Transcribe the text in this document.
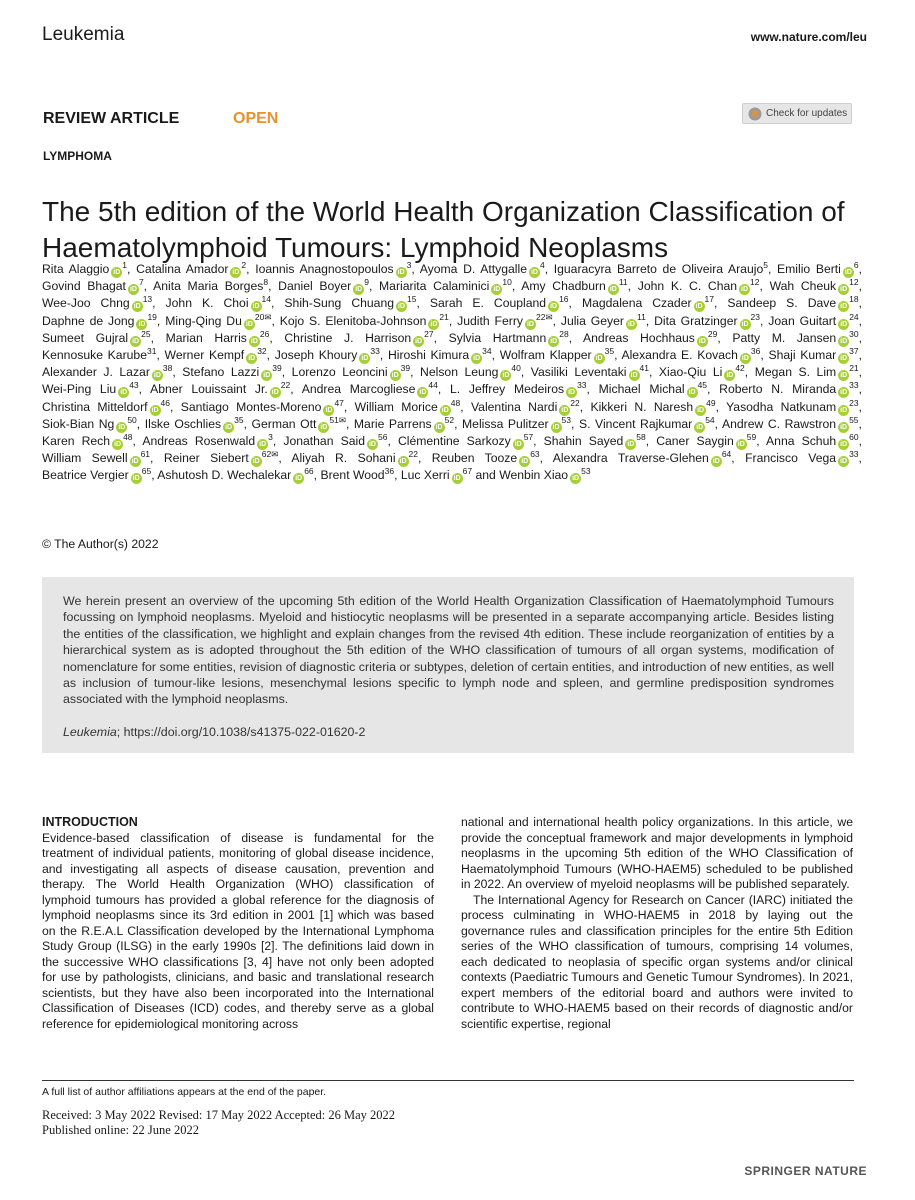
Leukemia	www.nature.com/leu
REVIEW ARTICLE	OPEN	Check for updates
LYMPHOMA
The 5th edition of the World Health Organization Classification of Haematolymphoid Tumours: Lymphoid Neoplasms
Rita Alaggio iD$^1$, Catalina Amador iD$^2$, Ioannis Anagnostopoulos iD$^3$, Ayoma D. Attygalle iD$^4$, Iguaracyra Barreto de Oliveira Araujo$^5$, Emilio Berti iD$^6$, Govind Bhagat iD$^7$, Anita Maria Borges$^8$, Daniel Boyer iD$^9$, Mariarita Calaminici iD$^{10}$, Amy Chadburn iD$^{11}$, John K. C. Chan iD$^{12}$, Wah Cheuk iD$^{12}$, Wee-Joo Chng iD$^{13}$, John K. Choi iD$^{14}$, Shih-Sung Chuang iD$^{15}$, Sarah E. Coupland iD$^{16}$, Magdalena Czader iD$^{17}$, Sandeep S. Dave iD$^{18}$, Daphne de Jong iD$^{19}$, Ming-Qing Du iD$^{20✉}$, Kojo S. Elenitoba-Johnson iD$^{21}$, Judith Ferry iD$^{22✉}$, Julia Geyer iD$^{11}$, Dita Gratzinger iD$^{23}$, Joan Guitart iD$^{24}$, Sumeet Gujral iD$^{25}$, Marian Harris iD$^{26}$, Christine J. Harrison iD$^{27}$, Sylvia Hartmann iD$^{28}$, Andreas Hochhaus iD$^{29}$, Patty M. Jansen iD$^{30}$, Kennosuke Karube$^{31}$, Werner Kempf iD$^{32}$, Joseph Khoury iD$^{33}$, Hiroshi Kimura iD$^{34}$, Wolfram Klapper iD$^{35}$, Alexandra E. Kovach iD$^{36}$, Shaji Kumar iD$^{37}$, Alexander J. Lazar iD$^{38}$, Stefano Lazzi iD$^{39}$, Lorenzo Leoncini iD$^{39}$, Nelson Leung iD$^{40}$, Vasiliki Leventaki iD$^{41}$, Xiao-Qiu Li iD$^{42}$, Megan S. Lim iD$^{21}$, Wei-Ping Liu iD$^{43}$, Abner Louissaint Jr. iD$^{22}$, Andrea Marcogliese iD$^{44}$, L. Jeffrey Medeiros iD$^{33}$, Michael Michal iD$^{45}$, Roberto N. Miranda iD$^{33}$, Christina Mitteldorf iD$^{46}$, Santiago Montes-Moreno iD$^{47}$, William Morice iD$^{48}$, Valentina Nardi iD$^{22}$, Kikkeri N. Naresh iD$^{49}$, Yasodha Natkunam iD$^{23}$, Siok-Bian Ng iD$^{50}$, Ilske Oschlies iD$^{35}$, German Ott iD$^{51✉}$, Marie Parrens iD$^{52}$, Melissa Pulitzer iD$^{53}$, S. Vincent Rajkumar iD$^{54}$, Andrew C. Rawstron iD$^{55}$, Karen Rech iD$^{48}$, Andreas Rosenwald iD$^3$, Jonathan Said iD$^{56}$, Clémentine Sarkozy iD$^{57}$, Shahin Sayed iD$^{58}$, Caner Saygin iD$^{59}$, Anna Schuh iD$^{60}$, William Sewell iD$^{61}$, Reiner Siebert iD$^{62✉}$, Aliyah R. Sohani iD$^{22}$, Reuben Tooze iD$^{63}$, Alexandra Traverse-Glehen iD$^{64}$, Francisco Vega iD$^{33}$, Beatrice Vergier iD$^{65}$, Ashutosh D. Wechalekar iD$^{66}$, Brent Wood$^{36}$, Luc Xerri iD$^{67}$ and Wenbin Xiao iD$^{53}$
© The Author(s) 2022

We herein present an overview of the upcoming 5th edition of the World Health Organization Classification of Haematolymphoid Tumours focussing on lymphoid neoplasms. Myeloid and histiocytic neoplasms will be presented in a separate accompanying article. Besides listing the entities of the classification, we highlight and explain changes from the revised 4th edition. These include reorganization of entities by a hierarchical system as is adopted throughout the 5th edition of the WHO classification of tumours of all organ systems, modification of nomenclature for some entities, revision of diagnostic criteria or subtypes, deletion of certain entities, and introduction of new entities, as well as inclusion of tumour-like lesions, mesenchymal lesions specific to lymph node and spleen, and germline predisposition syndromes associated with the lymphoid neoplasms.

Leukemia; https://doi.org/10.1038/s41375-022-01620-2
INTRODUCTION

Evidence-based classification of disease is fundamental for the treatment of individual patients, monitoring of global disease incidence, and investigating all aspects of disease causation, prevention and therapy. The World Health Organization (WHO) classification of lymphoid tumours has provided a global reference for the diagnosis of lymphoid neoplasms since its 3rd edition in 2001 [1] which was based on the R.E.A.L Classification developed by the International Lymphoma Study Group (ILSG) in the early 1990s [2]. The definitions laid down in the successive WHO classifications [3, 4] have not only been adopted for use by pathologists, clinicians, and basic and translational research scientists, but they have also been incorporated into the International Classification of Diseases (ICD) codes, and thereby serve as a global reference for epidemiological monitoring across

national and international health policy organizations. In this article, we provide the conceptual framework and major developments in lymphoid neoplasms in the upcoming 5th edition of the WHO Classification of Haematolymphoid Tumours (WHO-HAEM5) scheduled to be published in 2022. An overview of myeloid neoplasms will be published separately.

The International Agency for Research on Cancer (IARC) initiated the process culminating in WHO-HAEM5 in 2018 by laying out the governance rules and classification principles for the entire 5th Edition series of the WHO classification of tumours, comprising 14 volumes, each dedicated to neoplasia of specific organ systems and/or clinical contexts (Paediatric Tumours and Genetic Tumour Syndromes). In 2021, expert members of the editorial board and authors were invited to contribute to WHO-HAEM5 based on their records of diagnostic and/or scientific expertise, regional

A full list of author affiliations appears at the end of the paper.
Received: 3 May 2022 Revised: 17 May 2022 Accepted: 26 May 2022
Published online: 22 June 2022
SPRINGER NATURE
